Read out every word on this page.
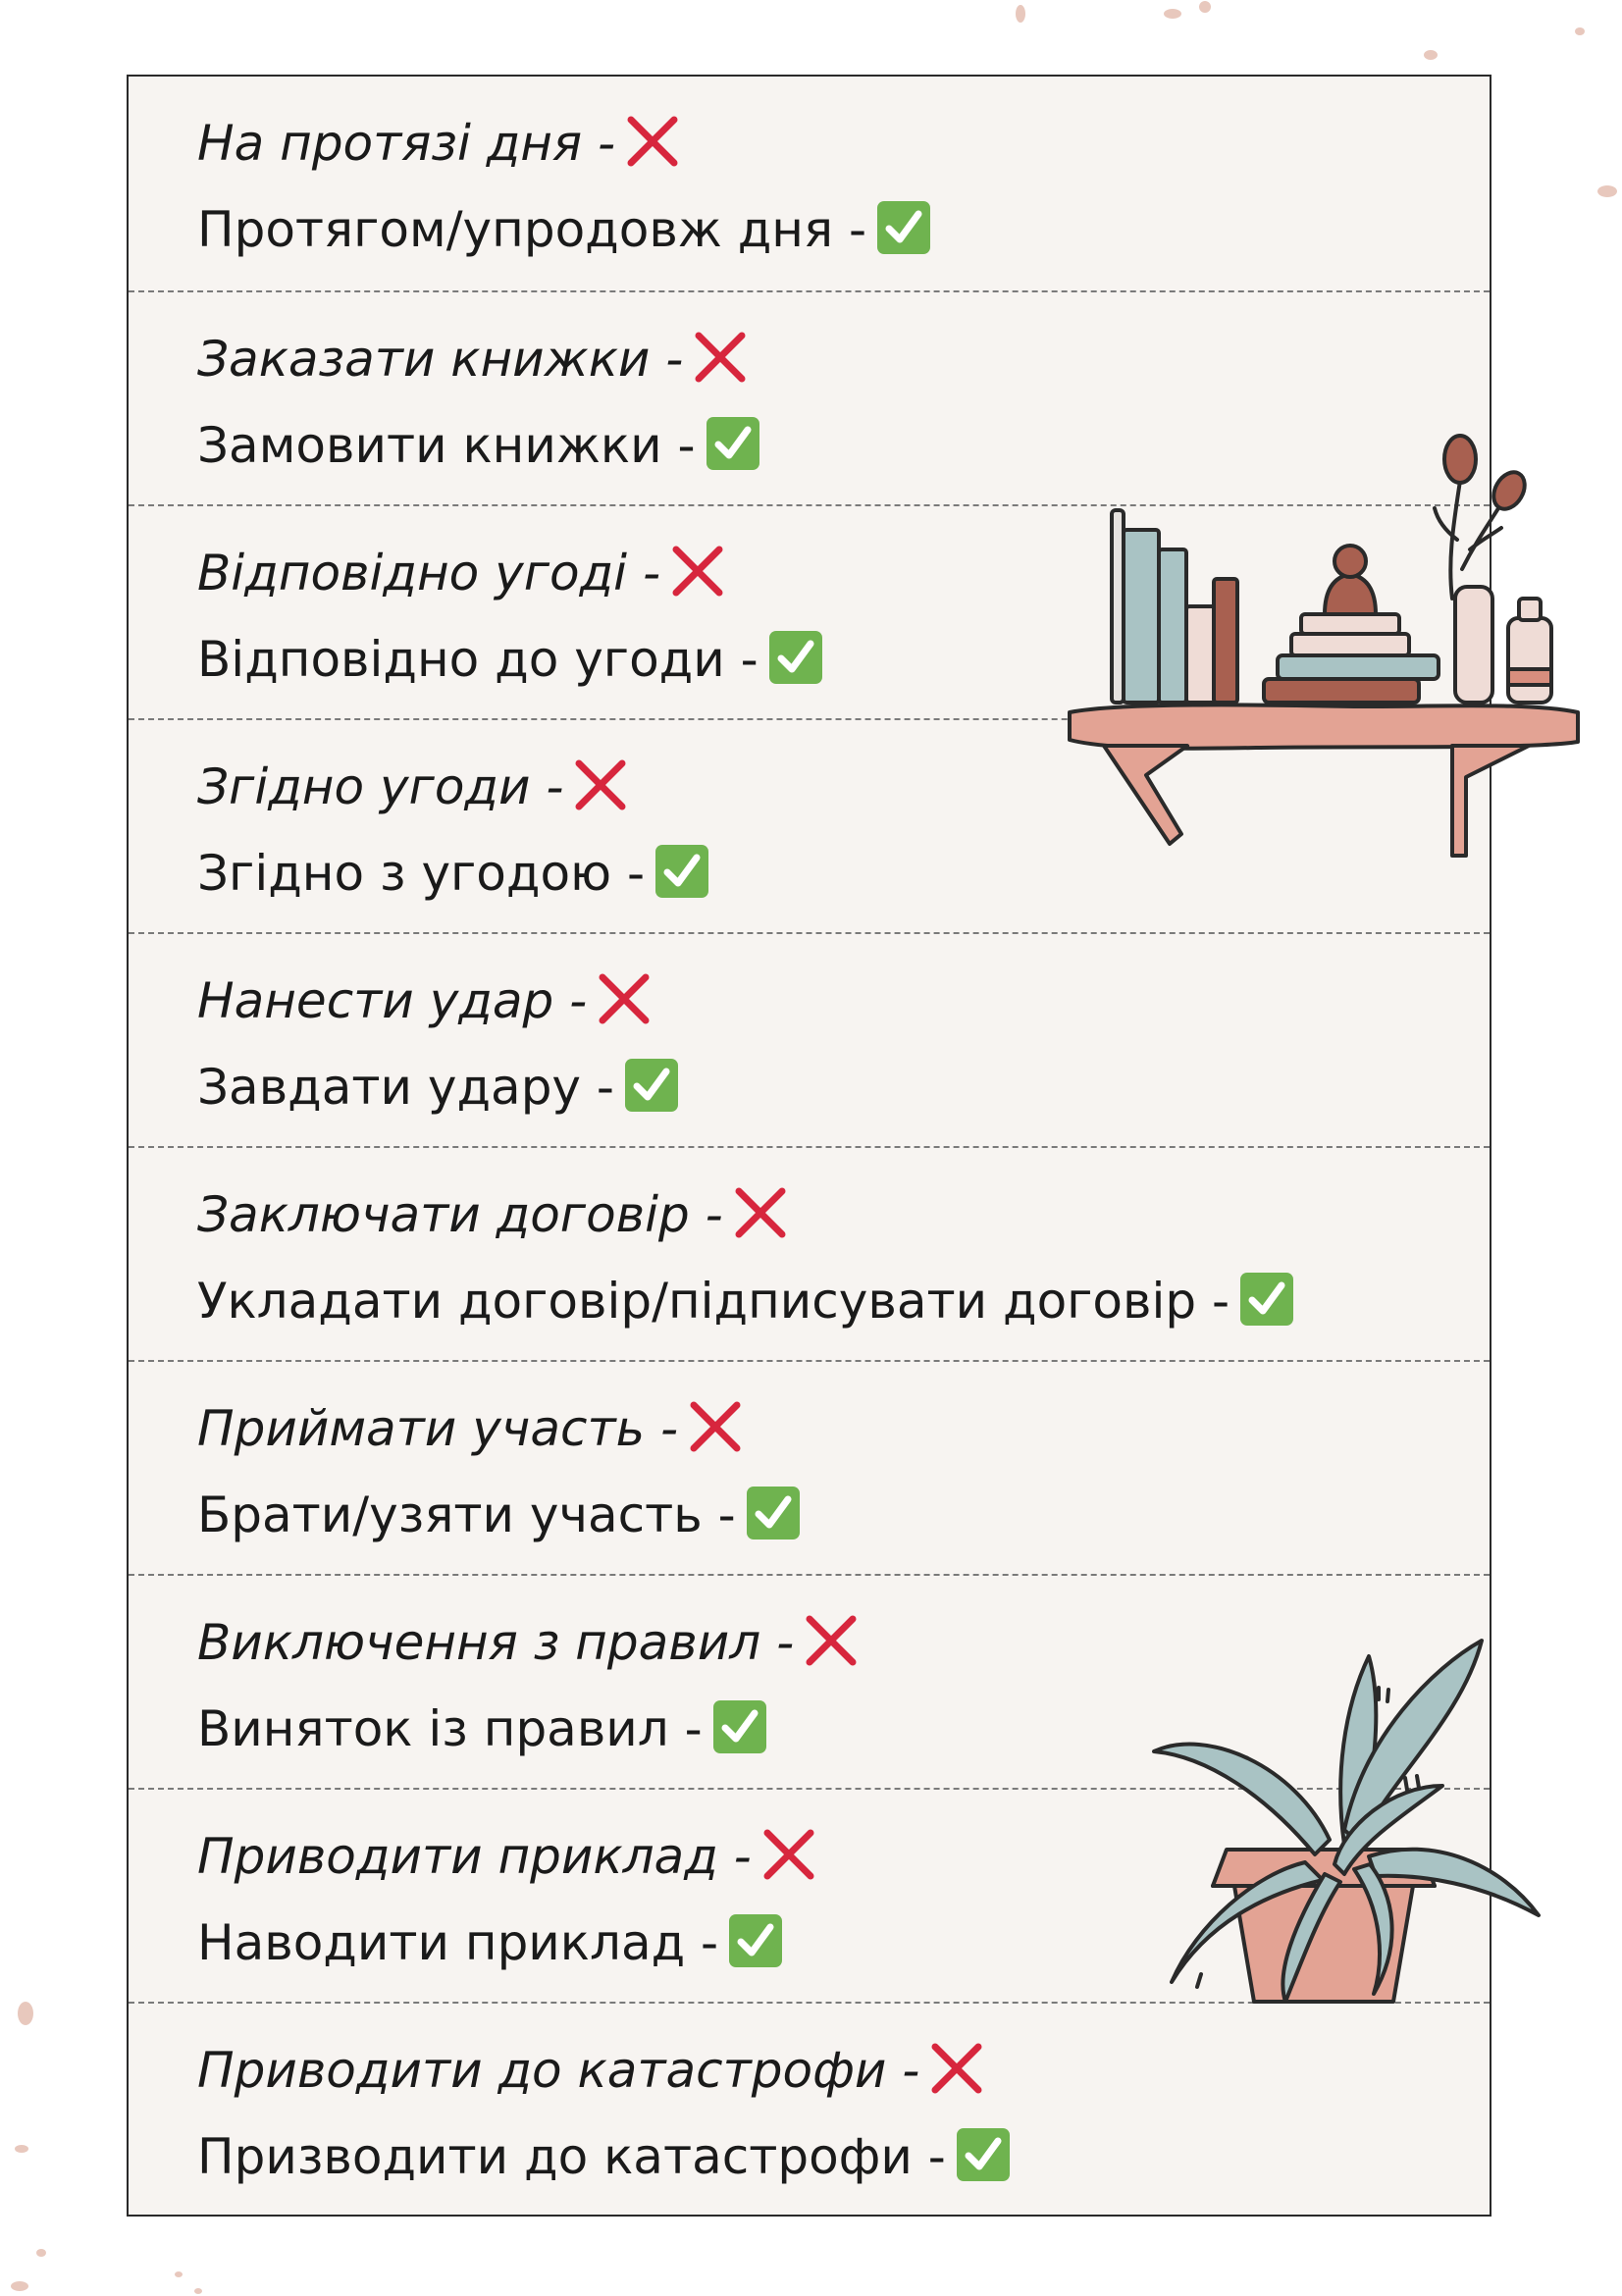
На протязі дня -
Протягом/упродовж дня -
Заказати книжки -
Замовити книжки -
Відповідно угоді -
Відповідно до угоди -
Згідно угоди -
Згідно з угодою -
Нанести удар -
Завдати удару -
Заключати договір -
Укладати договір/підписувати договір -
Приймати участь -
Брати/узяти участь -
Виключення з правил -
Виняток із правил -
Приводити приклад -
Наводити приклад -
Приводити до катастрофи -
Призводити до катастрофи -
